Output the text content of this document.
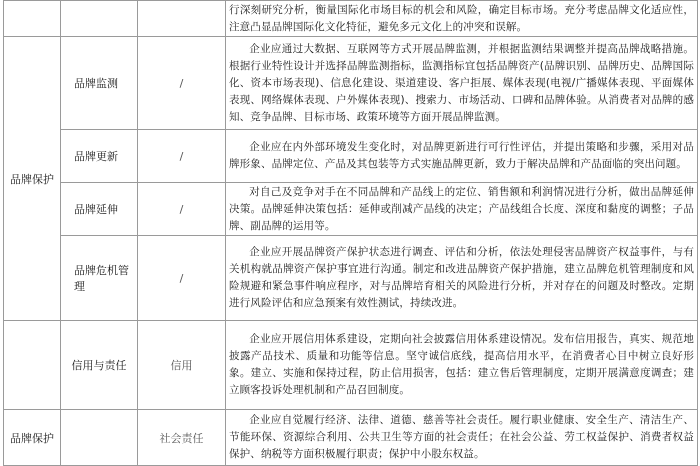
			行深刻研究分析，衡量国际化市场目标的机会和风险，确定目标市场。充分考虑品牌文化适应性，注意凸显品牌国际化文化特征，避免多元文化上的冲突和误解。
品牌保护	品牌监测	/	企业应通过大数据、互联网等方式开展品牌监测，并根据监测结果调整并提高品牌战略措施。根据行业特性设计并选择品牌监测指标，监测指标宜包括品牌资产(品牌识别、品牌历史、品牌国际化、资本市场表现)、信息化建设、渠道建设、客户拒展、媒体表现(电视/广播媒体表现、平面媒体表现、网络媒体表现、户外媒体表现)、搜索力、市场活动、口碑和品牌体验。从消费者对品牌的感知、竞争品牌、目标市场、政策环境等方面开展品牌监测。
	品牌更新	/	企业应在内外部环境发生变化时，对品牌更新进行可行性评估，并提出策略和步骤，采用对品牌形象、品牌定位、产品及其包装等方式实施品牌更新，致力于解决品牌和产品面临的突出问题。
	品牌延伸	/	对自己及竞争对手在不同品牌和产品线上的定位、销售额和利润情况进行分析，做出品牌延伸决策。品牌延伸决策包括：延伸或削减产品线的决定；产品线组合长度、深度和黏度的调整；子品牌、副品牌的运用等。
	品牌危机管理	/	企业应开展品牌资产保护状态进行调查、评估和分析，依法处理侵害品牌资产权益事件，与有关机构就品牌资产保护事宜进行沟通。制定和改进品牌资产保护措施，建立品牌危机管理制度和风险规避和紧急事件响应程序，对与品牌培育相关的风险进行分析，并对存在的问题及时整改。定期进行风险评估和应急预案有效性测试，持续改进。
	信用与责任	信用	企业应开展信用体系建设，定期向社会披露信用体系建设情况。发布信用报告，真实、规范地披露产品技术、质量和功能等信息。坚守诚信底线，提高信用水平，在消费者心目中树立良好形象。建立、实施和保持过程，防止信用损害，包括：建立售后管理制度，定期开展满意度调查；建立顾客投诉处理机制和产品召回制度。
品牌保护		社会责任	企业应自觉履行经济、法律、道德、慈善等社会责任。履行职业健康、安全生产、清洁生产、节能环保、资源综合利用、公共卫生等方面的社会责任；在社会公益、劳工权益保护、消费者权益保护、纳税等方面积极履行职责；保护中小股东权益。
